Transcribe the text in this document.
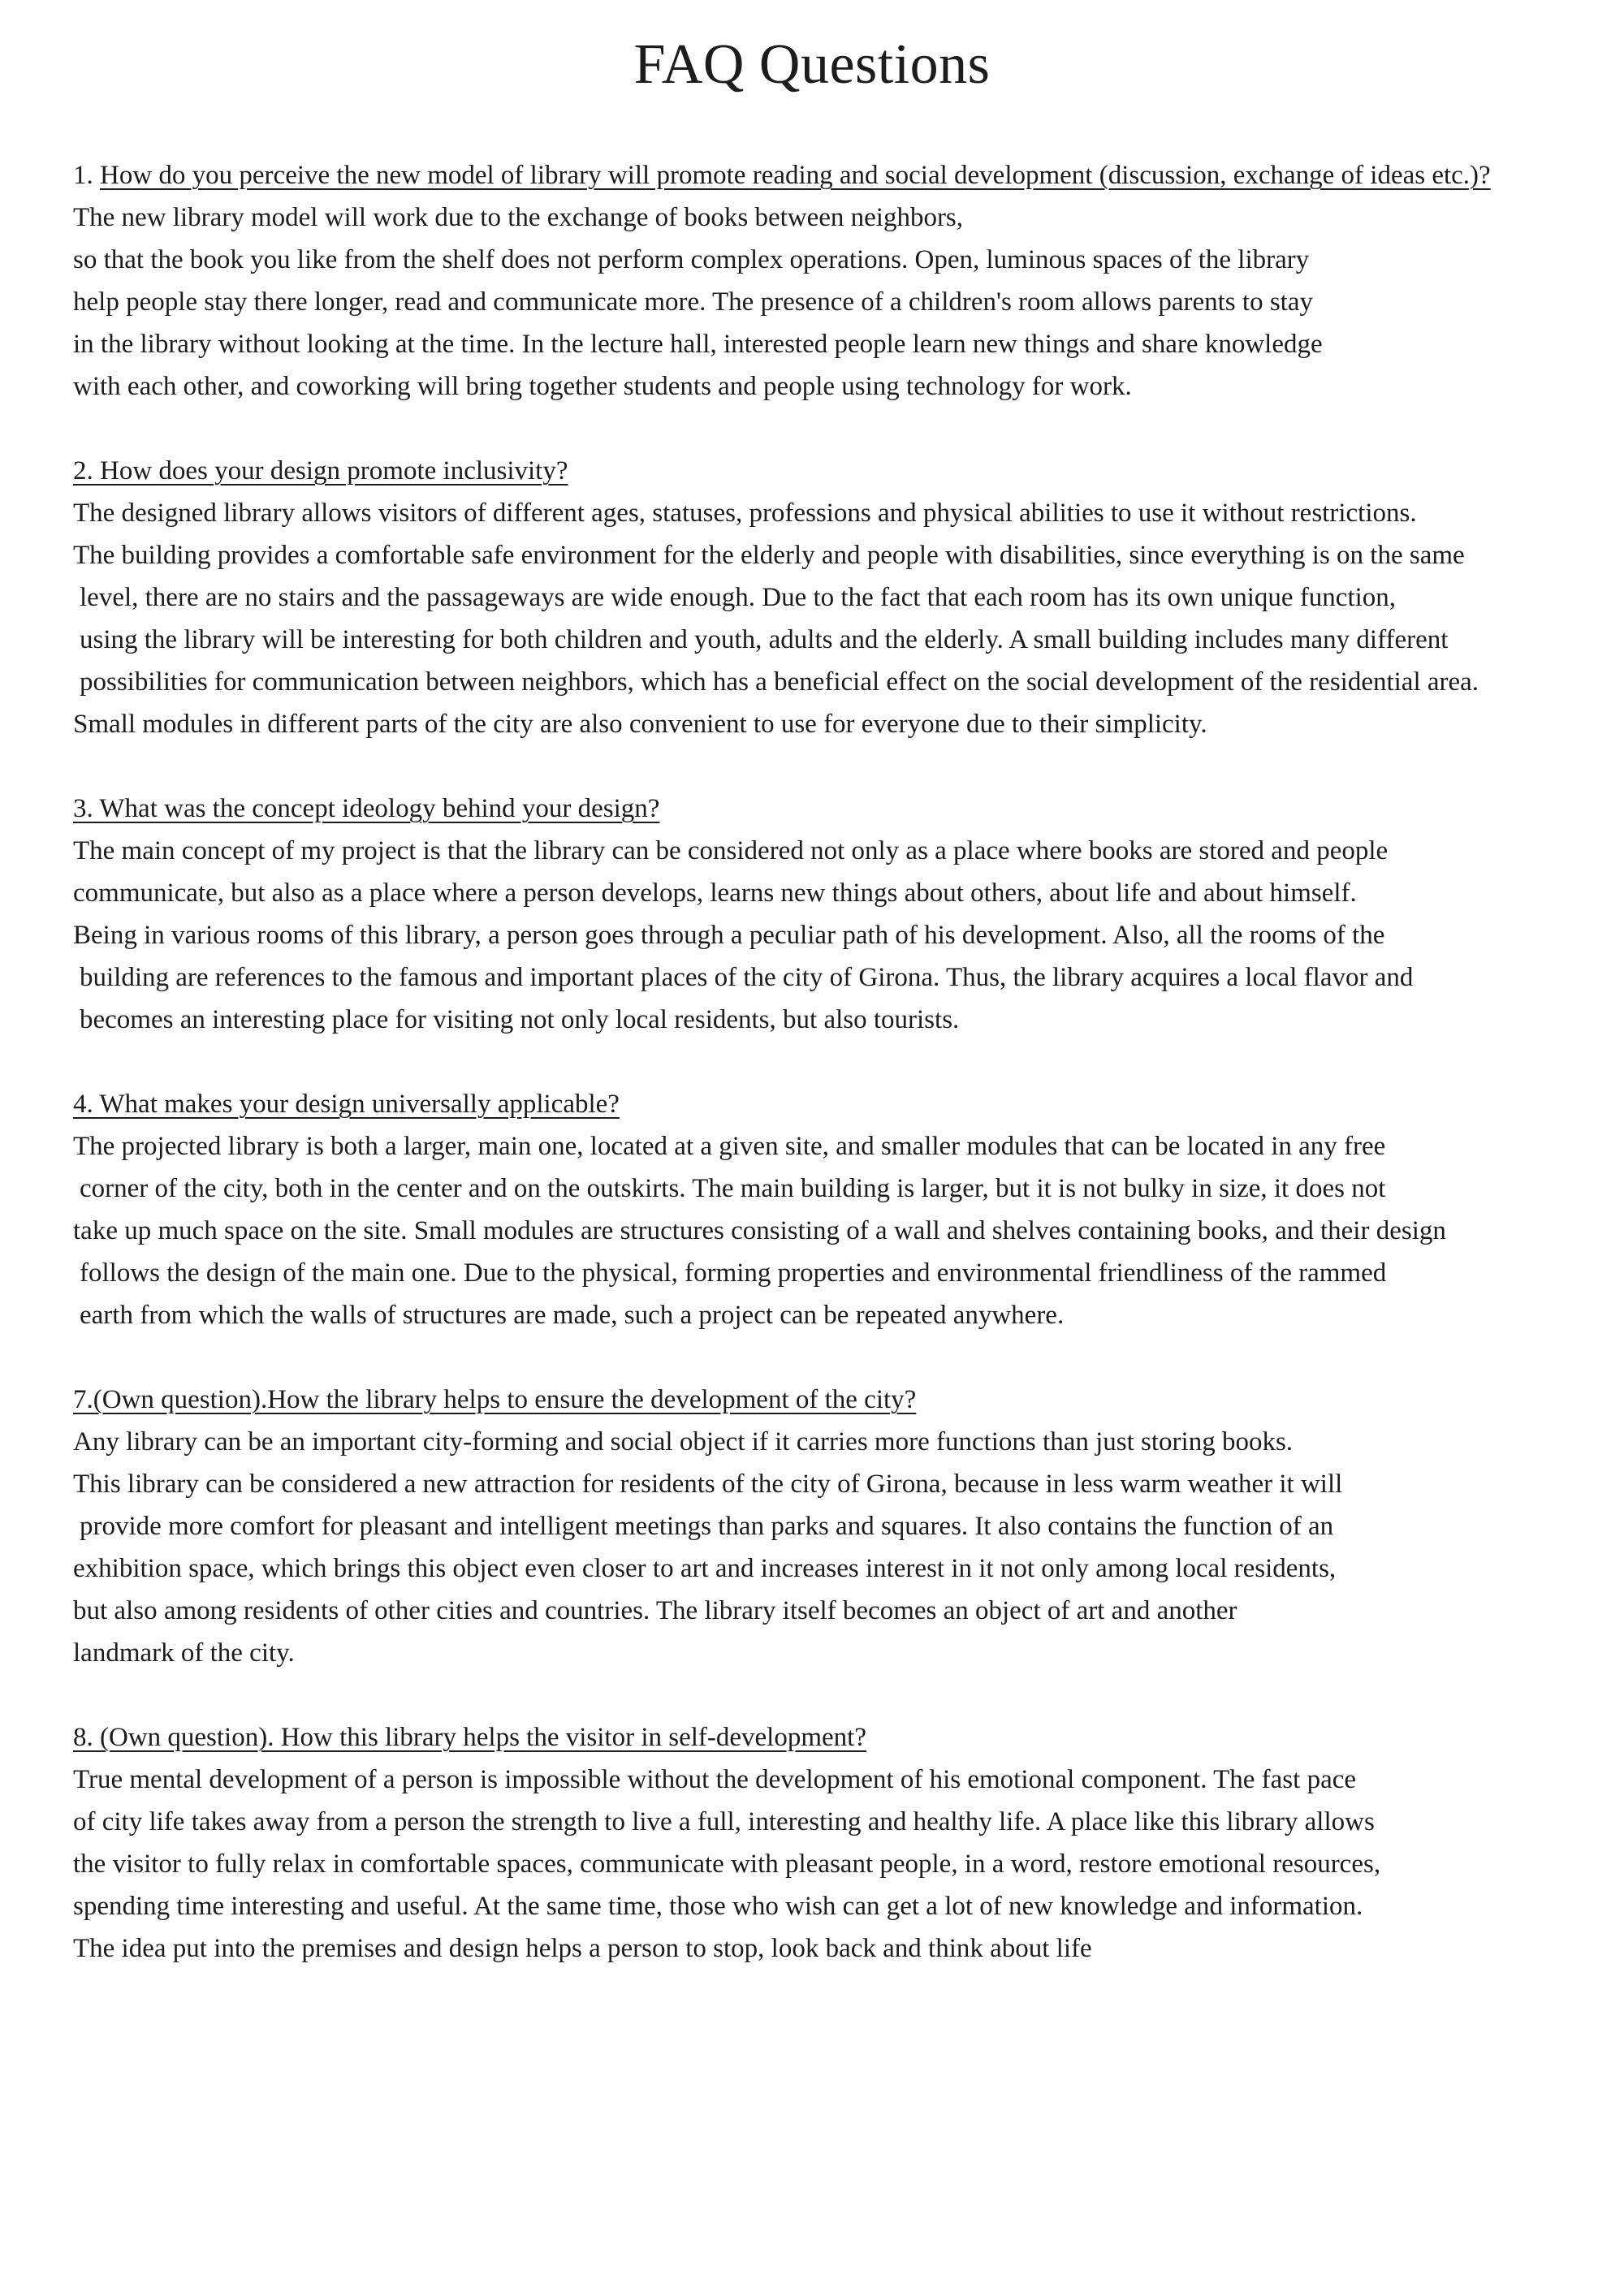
FAQ Questions
1. How do you perceive the new model of library will promote reading and social development (discussion, exchange of ideas etc.)?
The new library model will work due to the exchange of books between neighbors,
so that the book you like from the shelf does not perform complex operations. Open, luminous spaces of the library
help people stay there longer, read and communicate more. The presence of a children's room allows parents to stay
in the library without looking at the time. In the lecture hall, interested people learn new things and share knowledge
with each other, and coworking will bring together students and people using technology for work.
2. How does your design promote inclusivity?
The designed library allows visitors of different ages, statuses, professions and physical abilities to use it without restrictions.
The building provides a comfortable safe environment for the elderly and people with disabilities, since everything is on the same
level, there are no stairs and the passageways are wide enough. Due to the fact that each room has its own unique function,
using the library will be interesting for both children and youth, adults and the elderly. A small building includes many different
possibilities for communication between neighbors, which has a beneficial effect on the social development of the residential area.
Small modules in different parts of the city are also convenient to use for everyone due to their simplicity.
3. What was the concept ideology behind your design?
The main concept of my project is that the library can be considered not only as a place where books are stored and people
communicate, but also as a place where a person develops, learns new things about others, about life and about himself.
Being in various rooms of this library, a person goes through a peculiar path of his development. Also, all the rooms of the
building are references to the famous and important places of the city of Girona. Thus, the library acquires a local flavor and
becomes an interesting place for visiting not only local residents, but also tourists.
4. What makes your design universally applicable?
The projected library is both a larger, main one, located at a given site, and smaller modules that can be located in any free
corner of the city, both in the center and on the outskirts. The main building is larger, but it is not bulky in size, it does not
take up much space on the site. Small modules are structures consisting of a wall and shelves containing books, and their design
follows the design of the main one. Due to the physical, forming properties and environmental friendliness of the rammed
earth from which the walls of structures are made, such a project can be repeated anywhere.
7.(Own question).How the library helps to ensure the development of the city?
Any library can be an important city-forming and social object if it carries more functions than just storing books.
This library can be considered a new attraction for residents of the city of Girona, because in less warm weather it will
provide more comfort for pleasant and intelligent meetings than parks and squares. It also contains the function of an
exhibition space, which brings this object even closer to art and increases interest in it not only among local residents,
but also among residents of other cities and countries. The library itself becomes an object of art and another
landmark of the city.
8. (Own question). How this library helps the visitor in self-development?
True mental development of a person is impossible without the development of his emotional component. The fast pace
of city life takes away from a person the strength to live a full, interesting and healthy life. A place like this library allows
the visitor to fully relax in comfortable spaces, communicate with pleasant people, in a word, restore emotional resources,
spending time interesting and useful. At the same time, those who wish can get a lot of new knowledge and information.
The idea put into the premises and design helps a person to stop, look back and think about life
